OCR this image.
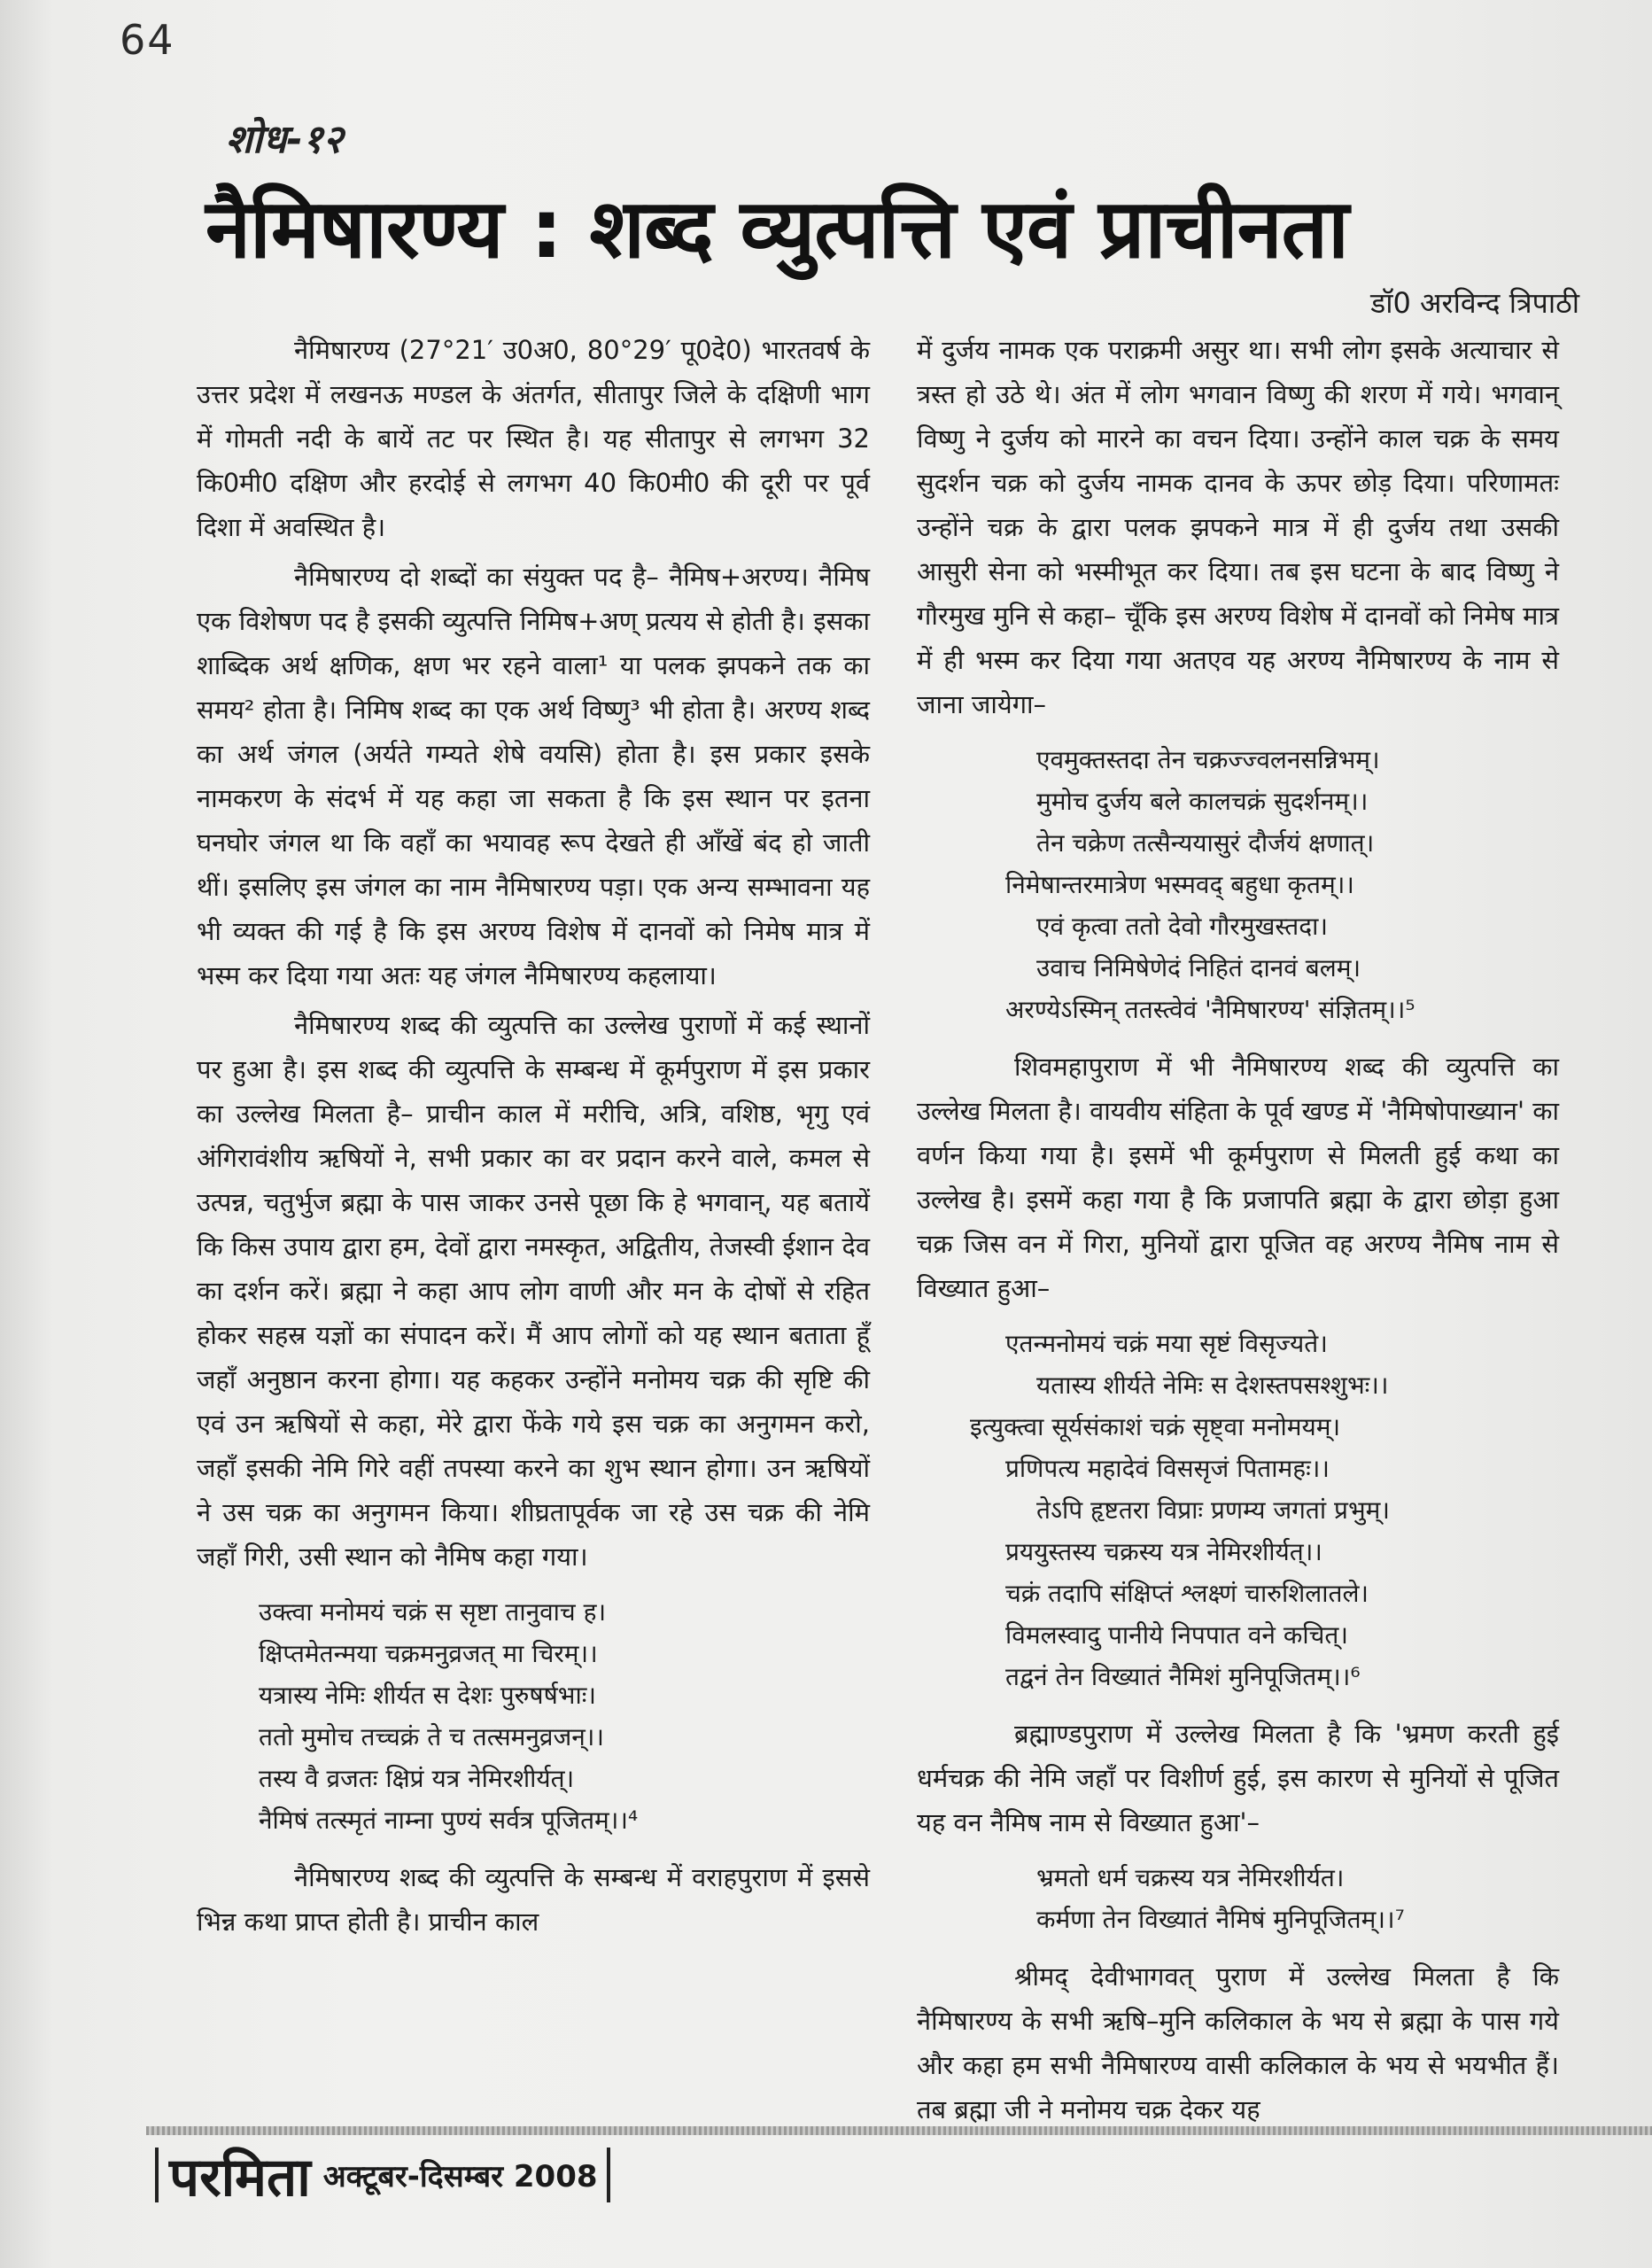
64
शोध-१२
नैमिषारण्य : शब्द व्युत्पत्ति एवं प्राचीनता
डॉ0 अरविन्द त्रिपाठी

नैमिषारण्य (27°21′ उ0अ0, 80°29′ पू0दे0) भारतवर्ष के उत्तर प्रदेश में लखनऊ मण्डल के अंतर्गत, सीतापुर जिले के दक्षिणी भाग में गोमती नदी के बायें तट पर स्थित है। यह सीतापुर से लगभग 32 कि0मी0 दक्षिण और हरदोई से लगभग 40 कि0मी0 की दूरी पर पूर्व दिशा में अवस्थित है।

नैमिषारण्य दो शब्दों का संयुक्त पद है– नैमिष+अरण्य। नैमिष एक विशेषण पद है इसकी व्युत्पत्ति निमिष+अण् प्रत्यय से होती है। इसका शाब्दिक अर्थ क्षणिक, क्षण भर रहने वाला¹ या पलक झपकने तक का समय² होता है। निमिष शब्द का एक अर्थ विष्णु³ भी होता है। अरण्य शब्द का अर्थ जंगल (अर्यते गम्यते शेषे वयसि) होता है। इस प्रकार इसके नामकरण के संदर्भ में यह कहा जा सकता है कि इस स्थान पर इतना घनघोर जंगल था कि वहाँ का भयावह रूप देखते ही आँखें बंद हो जाती थीं। इसलिए इस जंगल का नाम नैमिषारण्य पड़ा। एक अन्य सम्भावना यह भी व्यक्त की गई है कि इस अरण्य विशेष में दानवों को निमेष मात्र में भस्म कर दिया गया अतः यह जंगल नैमिषारण्य कहलाया।

नैमिषारण्य शब्द की व्युत्पत्ति का उल्लेख पुराणों में कई स्थानों पर हुआ है। इस शब्द की व्युत्पत्ति के सम्बन्ध में कूर्मपुराण में इस प्रकार का उल्लेख मिलता है– प्राचीन काल में मरीचि, अत्रि, वशिष्ठ, भृगु एवं अंगिरावंशीय ऋषियों ने, सभी प्रकार का वर प्रदान करने वाले, कमल से उत्पन्न, चतुर्भुज ब्रह्मा के पास जाकर उनसे पूछा कि हे भगवान्, यह बतायें कि किस उपाय द्वारा हम, देवों द्वारा नमस्कृत, अद्वितीय, तेजस्वी ईशान देव का दर्शन करें। ब्रह्मा ने कहा आप लोग वाणी और मन के दोषों से रहित होकर सहस्र यज्ञों का संपादन करें। मैं आप लोगों को यह स्थान बताता हूँ जहाँ अनुष्ठान करना होगा। यह कहकर उन्होंने मनोमय चक्र की सृष्टि की एवं उन ऋषियों से कहा, मेरे द्वारा फेंके गये इस चक्र का अनुगमन करो, जहाँ इसकी नेमि गिरे वहीं तपस्या करने का शुभ स्थान होगा। उन ऋषियों ने उस चक्र का अनुगमन किया। शीघ्रतापूर्वक जा रहे उस चक्र की नेमि जहाँ गिरी, उसी स्थान को नैमिष कहा गया।

उक्त्वा मनोमयं चक्रं स सृष्टा तानुवाच ह।
क्षिप्तमेतन्मया चक्रमनुव्रजत् मा चिरम्।।
यत्रास्य नेमिः शीर्यत स देशः पुरुषर्षभाः।
ततो मुमोच तच्चक्रं ते च तत्समनुव्रजन्।।
तस्य वै व्रजतः क्षिप्रं यत्र नेमिरशीर्यत्।
नैमिषं तत्स्मृतं नाम्ना पुण्यं सर्वत्र पूजितम्।।⁴

नैमिषारण्य शब्द की व्युत्पत्ति के सम्बन्ध में वराहपुराण में इससे भिन्न कथा प्राप्त होती है। प्राचीन काल

में दुर्जय नामक एक पराक्रमी असुर था। सभी लोग इसके अत्याचार से त्रस्त हो उठे थे। अंत में लोग भगवान विष्णु की शरण में गये। भगवान् विष्णु ने दुर्जय को मारने का वचन दिया। उन्होंने काल चक्र के समय सुदर्शन चक्र को दुर्जय नामक दानव के ऊपर छोड़ दिया। परिणामतः उन्होंने चक्र के द्वारा पलक झपकने मात्र में ही दुर्जय तथा उसकी आसुरी सेना को भस्मीभूत कर दिया। तब इस घटना के बाद विष्णु ने गौरमुख मुनि से कहा– चूँकि इस अरण्य विशेष में दानवों को निमेष मात्र में ही भस्म कर दिया गया अतएव यह अरण्य नैमिषारण्य के नाम से जाना जायेगा–

एवमुक्तस्तदा तेन चक्रज्ज्वलनसन्निभम्।
मुमोच दुर्जय बले कालचक्रं सुदर्शनम्।।
तेन चक्रेण तत्सैन्ययासुरं दौर्जयं क्षणात्।
निमेषान्तरमात्रेण भस्मवद् बहुधा कृतम्।।
एवं कृत्वा ततो देवो गौरमुखस्तदा।
उवाच निमिषेणेदं निहितं दानवं बलम्।
अरण्येऽस्मिन् ततस्त्वेवं 'नैमिषारण्य' संज्ञितम्।।⁵

शिवमहापुराण में भी नैमिषारण्य शब्द की व्युत्पत्ति का उल्लेख मिलता है। वायवीय संहिता के पूर्व खण्ड में 'नैमिषोपाख्यान' का वर्णन किया गया है। इसमें भी कूर्मपुराण से मिलती हुई कथा का उल्लेख है। इसमें कहा गया है कि प्रजापति ब्रह्मा के द्वारा छोड़ा हुआ चक्र जिस वन में गिरा, मुनियों द्वारा पूजित वह अरण्य नैमिष नाम से विख्यात हुआ–

एतन्मनोमयं चक्रं मया सृष्टं विसृज्यते।
यतास्य शीर्यते नेमिः स देशस्तपसश्शुभः।।
इत्युक्त्वा सूर्यसंकाशं चक्रं सृष्ट्वा मनोमयम्।
प्रणिपत्य महादेवं विससृजं पितामहः।।
तेऽपि हृष्टतरा विप्राः प्रणम्य जगतां प्रभुम्।
प्रययुस्तस्य चक्रस्य यत्र नेमिरशीर्यत्।।
चक्रं तदापि संक्षिप्तं श्लक्ष्णं चारुशिलातले।
विमलस्वादु पानीये निपपात वने कचित्।
तद्वनं तेन विख्यातं नैमिशं मुनिपूजितम्।।⁶

ब्रह्माण्डपुराण में उल्लेख मिलता है कि 'भ्रमण करती हुई धर्मचक्र की नेमि जहाँ पर विशीर्ण हुई, इस कारण से मुनियों से पूजित यह वन नैमिष नाम से विख्यात हुआ'–

भ्रमतो धर्म चक्रस्य यत्र नेमिरशीर्यत।
कर्मणा तेन विख्यातं नैमिषं मुनिपूजितम्।।⁷

श्रीमद् देवीभागवत् पुराण में उल्लेख मिलता है कि नैमिषारण्य के सभी ऋषि–मुनि कलिकाल के भय से ब्रह्मा के पास गये और कहा हम सभी नैमिषारण्य वासी कलिकाल के भय से भयभीत हैं। तब ब्रह्मा जी ने मनोमय चक्र देकर यह

परमिता अक्टूबर-दिसम्बर 2008
